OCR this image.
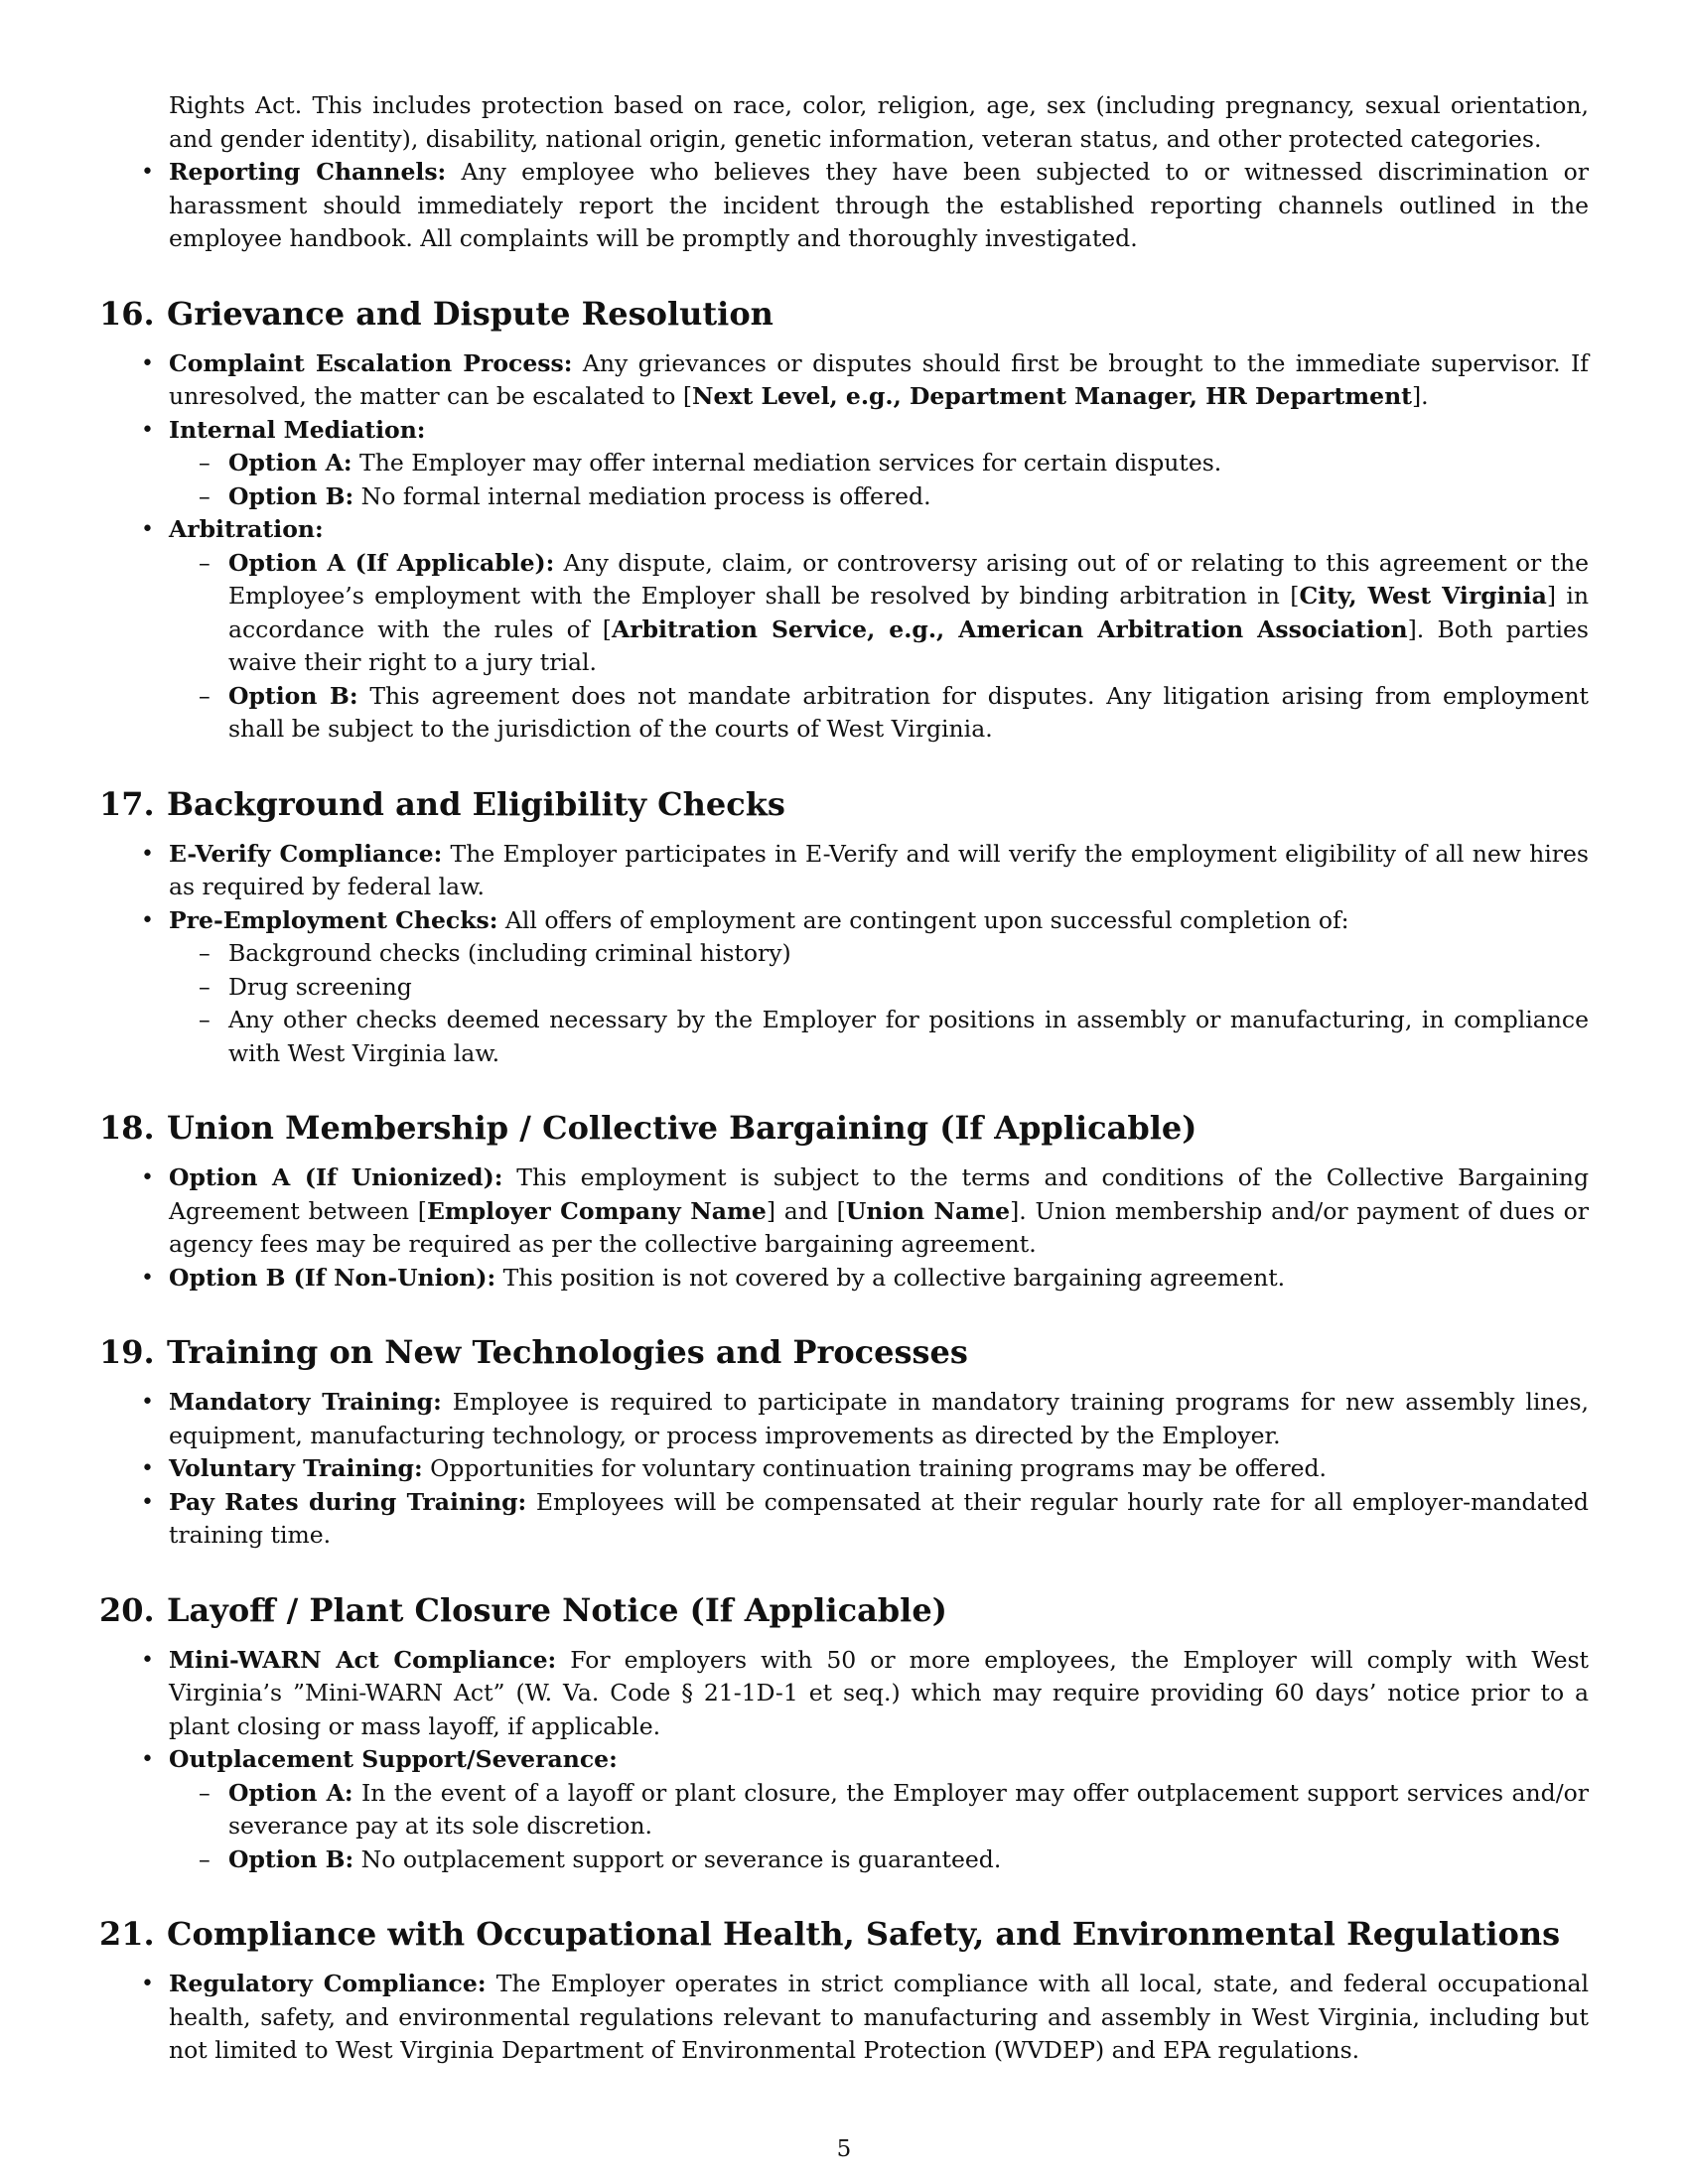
Rights Act. This includes protection based on race, color, religion, age, sex (including pregnancy, sexual orientation, and gender identity), disability, national origin, genetic information, veteran status, and other protected categories.

• Reporting Channels: Any employee who believes they have been subjected to or witnessed discrimination or harassment should immediately report the incident through the established reporting channels outlined in the employee handbook. All complaints will be promptly and thoroughly investigated.
16. Grievance and Dispute Resolution
• Complaint Escalation Process: Any grievances or disputes should first be brought to the immediate supervisor. If unresolved, the matter can be escalated to [Next Level, e.g., Department Manager, HR Department].
• Internal Mediation:
– Option A: The Employer may offer internal mediation services for certain disputes.
– Option B: No formal internal mediation process is offered.
• Arbitration:
– Option A (If Applicable): Any dispute, claim, or controversy arising out of or relating to this agreement or the Employee’s employment with the Employer shall be resolved by binding arbitration in [City, West Virginia] in accordance with the rules of [Arbitration Service, e.g., American Arbitration Association]. Both parties waive their right to a jury trial.
– Option B: This agreement does not mandate arbitration for disputes. Any litigation arising from employment shall be subject to the jurisdiction of the courts of West Virginia.
17. Background and Eligibility Checks
• E-Verify Compliance: The Employer participates in E-Verify and will verify the employment eligibility of all new hires as required by federal law.
• Pre-Employment Checks: All offers of employment are contingent upon successful completion of:
– Background checks (including criminal history)
– Drug screening
– Any other checks deemed necessary by the Employer for positions in assembly or manufacturing, in compliance with West Virginia law.
18. Union Membership / Collective Bargaining (If Applicable)
• Option A (If Unionized): This employment is subject to the terms and conditions of the Collective Bargaining Agreement between [Employer Company Name] and [Union Name]. Union membership and/or payment of dues or agency fees may be required as per the collective bargaining agreement.
• Option B (If Non-Union): This position is not covered by a collective bargaining agreement.
19. Training on New Technologies and Processes
• Mandatory Training: Employee is required to participate in mandatory training programs for new assembly lines, equipment, manufacturing technology, or process improvements as directed by the Employer.
• Voluntary Training: Opportunities for voluntary continuation training programs may be offered.
• Pay Rates during Training: Employees will be compensated at their regular hourly rate for all employer-mandated training time.
20. Layoff / Plant Closure Notice (If Applicable)
• Mini-WARN Act Compliance: For employers with 50 or more employees, the Employer will comply with West Virginia’s ”Mini-WARN Act” (W. Va. Code § 21-1D-1 et seq.) which may require providing 60 days’ notice prior to a plant closing or mass layoff, if applicable.
• Outplacement Support/Severance:
– Option A: In the event of a layoff or plant closure, the Employer may offer outplacement support services and/or severance pay at its sole discretion.
– Option B: No outplacement support or severance is guaranteed.
21. Compliance with Occupational Health, Safety, and Environmental Regulations
• Regulatory Compliance: The Employer operates in strict compliance with all local, state, and federal occupational health, safety, and environmental regulations relevant to manufacturing and assembly in West Virginia, including but not limited to West Virginia Department of Environmental Protection (WVDEP) and EPA regulations.
5
